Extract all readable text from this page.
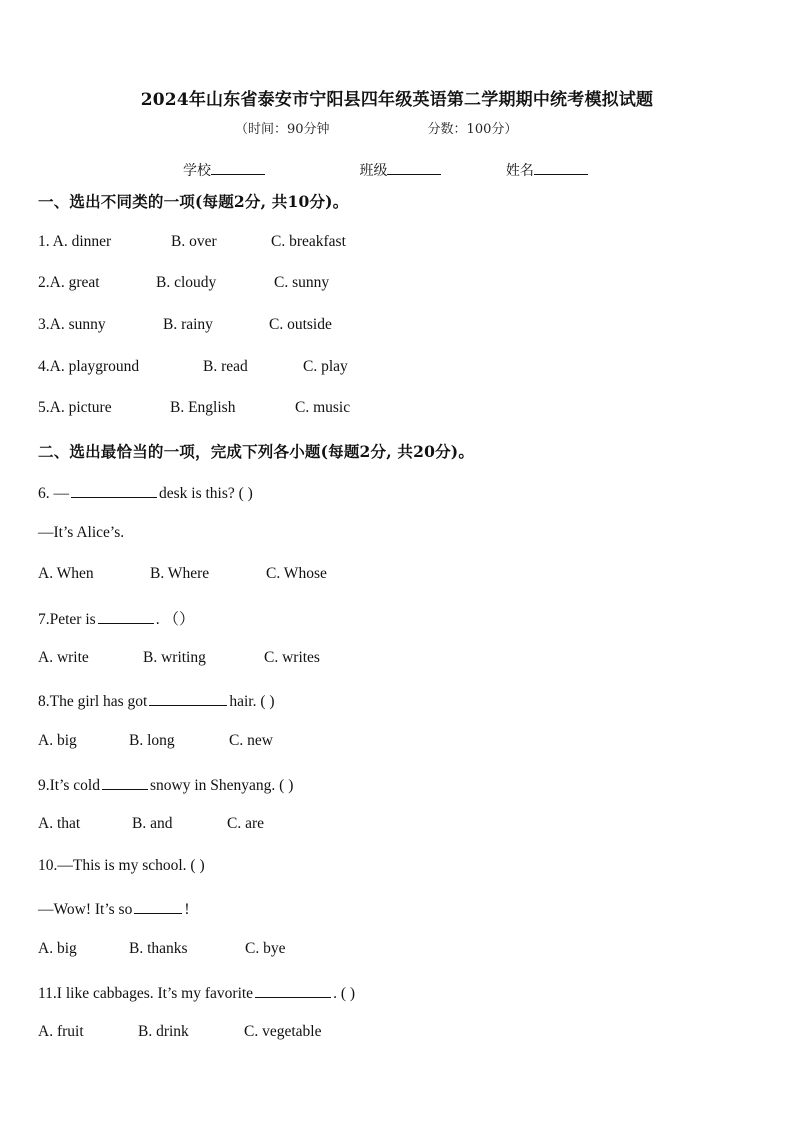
2024年山东省泰安市宁阳县四年级英语第二学期期中统考模拟试题
（时间：90分钟	分数：100分）
学校	班级	姓名
一、选出不同类的一项(每题2分, 共10分)。
1. A. dinner	B. over	C. breakfast
2.A. great	B. cloudy	C. sunny
3.A. sunny	B. rainy	C. outside
4.A. playground	B. read	C. play
5.A. picture	B. English	C. music
二、选出最恰当的一项，完成下列各小题(每题2分, 共20分)。
6. —	desk is this? ( )
—It’s Alice’s.
A. When	B. Where	C. Whose
7.Peter is	. （）
A. write	B. writing	C. writes
8.The girl has got	hair. ( )
A. big	B. long	C. new
9.It’s cold	snowy in Shenyang. ( )
A. that	B. and	C. are
10.—This is my school. ( )
—Wow! It’s so	!
A. big	B. thanks	C. bye
11.I like cabbages. It’s my favorite	. ( )
A. fruit	B. drink	C. vegetable
